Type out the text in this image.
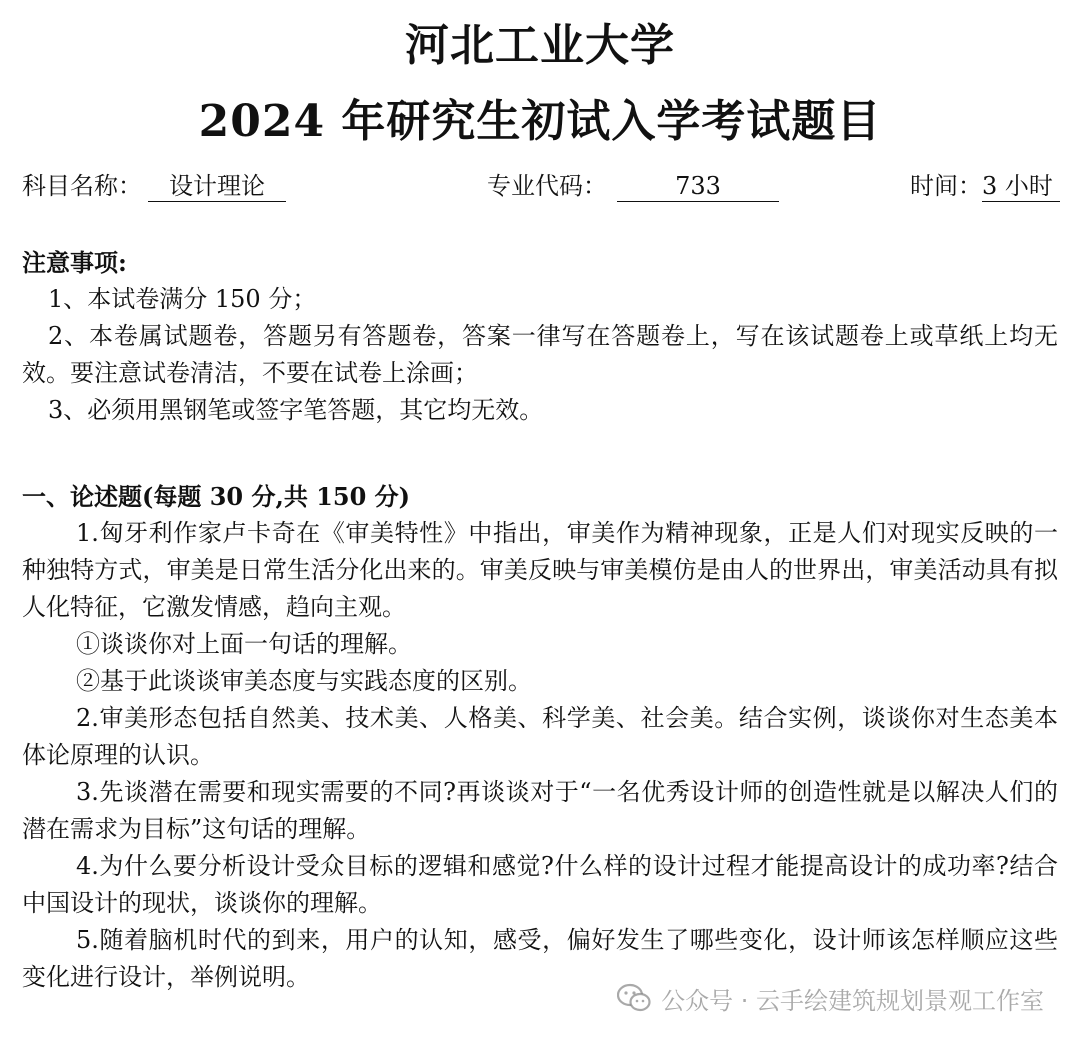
河北工业大学
2024 年研究生初试入学考试题目
科目名称： 设计理论	专业代码：	733	时间：3 小时

注意事项:

1、本试卷满分 150 分；

2、本卷属试题卷，答题另有答题卷，答案一律写在答题卷上，写在该试题卷上或草纸上均无效。要注意试卷清洁，不要在试卷上涂画；

3、必须用黑钢笔或签字笔答题，其它均无效。

一、论述题(每题 30 分,共 150 分)

1.匈牙利作家卢卡奇在《审美特性》中指出，审美作为精神现象，正是人们对现实反映的一种独特方式，审美是日常生活分化出来的。审美反映与审美模仿是由人的世界出，审美活动具有拟人化特征，它激发情感，趋向主观。

①谈谈你对上面一句话的理解。

②基于此谈谈审美态度与实践态度的区别。

2.审美形态包括自然美、技术美、人格美、科学美、社会美。结合实例，谈谈你对生态美本体论原理的认识。

3.先谈潜在需要和现实需要的不同?再谈谈对于“一名优秀设计师的创造性就是以解决人们的潜在需求为目标”这句话的理解。

4.为什么要分析设计受众目标的逻辑和感觉?什么样的设计过程才能提高设计的成功率?结合中国设计的现状，谈谈你的理解。

5.随着脑机时代的到来，用户的认知，感受，偏好发生了哪些变化，设计师该怎样顺应这些变化进行设计，举例说明。

公众号 · 云手绘建筑规划景观工作室
